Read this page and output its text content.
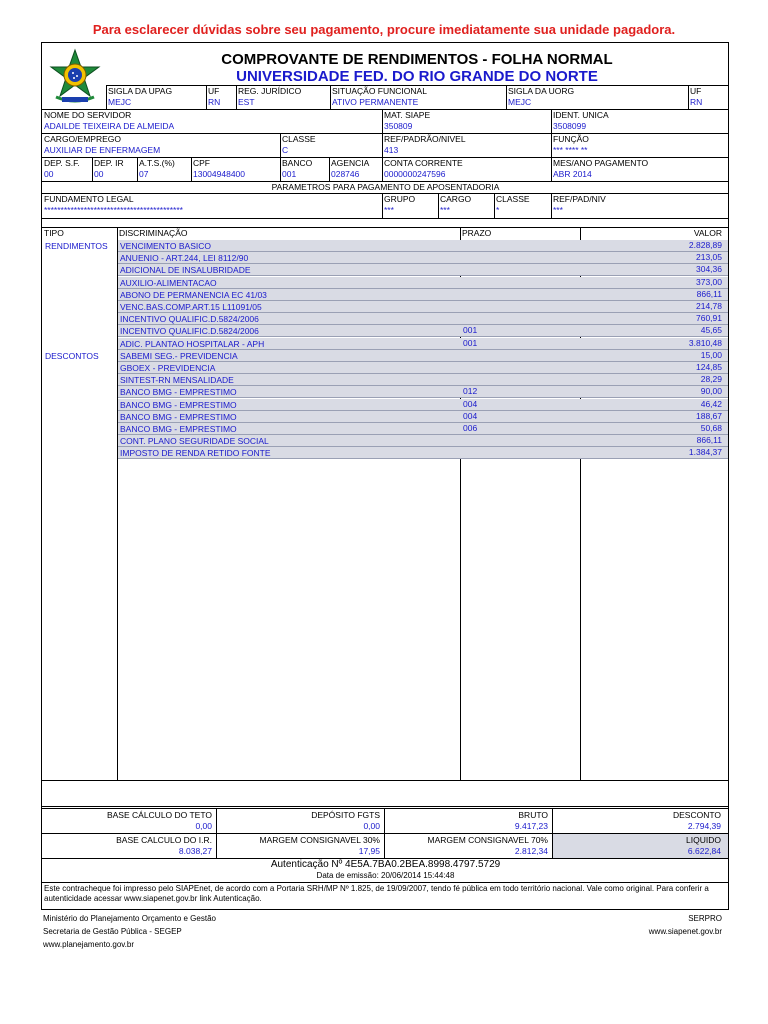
Para esclarecer dúvidas sobre seu pagamento, procure imediatamente sua unidade pagadora.
COMPROVANTE DE RENDIMENTOS - FOLHA NORMAL
UNIVERSIDADE FED. DO RIO GRANDE DO NORTE
SIGLA DA UPAG
MEJC
UF
RN
REG. JURÍDICO
EST
SITUAÇÃO FUNCIONAL
ATIVO PERMANENTE
SIGLA DA UORG
MEJC
UF
RN
NOME DO SERVIDOR
ADAILDE TEIXEIRA DE ALMEIDA
MAT. SIAPE
350809
IDENT. UNICA
3508099
CARGO/EMPREGO
AUXILIAR DE ENFERMAGEM
CLASSE
C
REF/PADRÃO/NIVEL
413
FUNÇÃO
*** **** **
DEP. S.F.
00
DEP. IR
00
A.T.S.(%)
07
CPF
13004948400
BANCO
001
AGENCIA
028746
CONTA CORRENTE
0000000247596
MES/ANO PAGAMENTO
ABR 2014
PARAMETROS PARA PAGAMENTO DE APOSENTADORIA
FUNDAMENTO LEGAL
******************************************
GRUPO
***
CARGO
***
CLASSE
*
REF/PAD/NIV
***
TIPO	DISCRIMINAÇÃO	PRAZO	VALOR
RENDIMENTOS VENCIMENTO BASICO	2.828,89
ANUENIO - ART.244, LEI 8112/90	213,05
ADICIONAL DE INSALUBRIDADE	304,36
AUXILIO-ALIMENTACAO	373,00
ABONO DE PERMANENCIA EC 41/03	866,11
VENC.BAS.COMP.ART.15 L11091/05	214,78
INCENTIVO QUALIFIC.D.5824/2006	760,91
INCENTIVO QUALIFIC.D.5824/2006	001	45,65
ADIC. PLANTAO HOSPITALAR - APH	001	3.810,48
DESCONTOS	SABEMI SEG.- PREVIDENCIA	15,00
GBOEX - PREVIDENCIA	124,85
SINTEST-RN MENSALIDADE	28,29
BANCO BMG - EMPRESTIMO	012	90,00
BANCO BMG - EMPRESTIMO	004	46,42
BANCO BMG - EMPRESTIMO	004	188,67
BANCO BMG - EMPRESTIMO	006	50,68
CONT. PLANO SEGURIDADE SOCIAL	866,11
IMPOSTO DE RENDA RETIDO FONTE	1.384,37
BASE CÁLCULO DO TETO
0,00
DEPÓSITO FGTS
0,00
BRUTO
9.417,23
DESCONTO
2.794,39
BASE CALCULO DO I.R.
8.038,27
MARGEM CONSIGNAVEL 30%
17,95
MARGEM CONSIGNAVEL 70%
2.812,34
LIQUIDO
6.622,84
Autenticação Nº 4E5A.7BA0.2BEA.8998.4797.5729
Data de emissão: 20/06/2014 15:44:48
Este contracheque foi impresso pelo SIAPEnet, de acordo com a Portaria SRH/MP Nº 1.825, de 19/09/2007, tendo fé pública em todo território nacional. Vale como original. Para conferir a autenticidade acessar www.siapenet.gov.br link Autenticação.
Ministério do Planejamento Orçamento e Gestão
Secretaria de Gestão Pública - SEGEP
www.planejamento.gov.br
SERPRO
www.siapenet.gov.br
